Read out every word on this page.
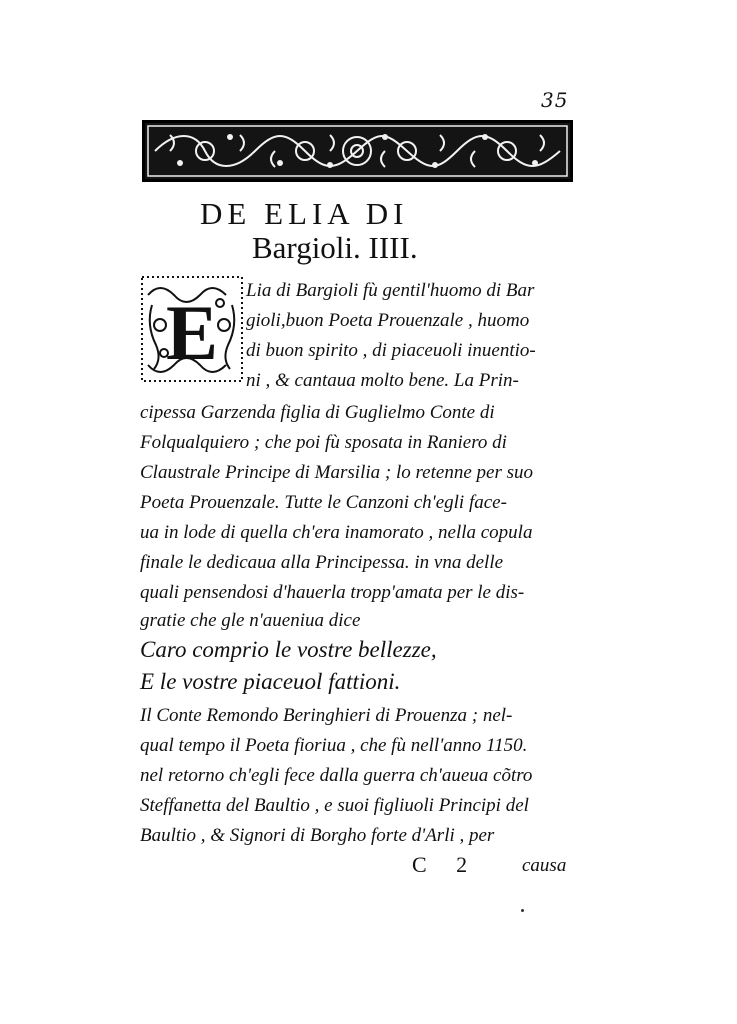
35
DE ELIA DI
Bargioli. IIII.
E Lia di Bargioli fù gentil'huomo di Bar
gioli,buon Poeta Prouenzale , huomo
di buon spirito , di piaceuoli inuentio-
ni , & cantaua molto bene. La Prin-
cipessa Garzenda figlia di Guglielmo Conte di
Folqualquiero ; che poi fù sposata in Raniero di
Claustrale Principe di Marsilia ; lo retenne per suo
Poeta Prouenzale. Tutte le Canzoni ch'egli face-
ua in lode di quella ch'era inamorato , nella copula
finale le dedicaua alla Principessa. in vna delle
quali pensendosi d'hauerla tropp'amata per le dis-
gratie che gle n'aueniua dice
Caro comprio le vostre bellezze,
E le vostre piaceuol fattioni.
Il Conte Remondo Beringhieri di Prouenza ; nel-
qual tempo il Poeta fioriua , che fù nell'anno 1150.
nel retorno ch'egli fece dalla guerra ch'aueua cõtro
Steffanetta del Baultio , e suoi figliuoli Principi del
Baultio , & Signori di Borgho forte d'Arli , per
C 2 causa
